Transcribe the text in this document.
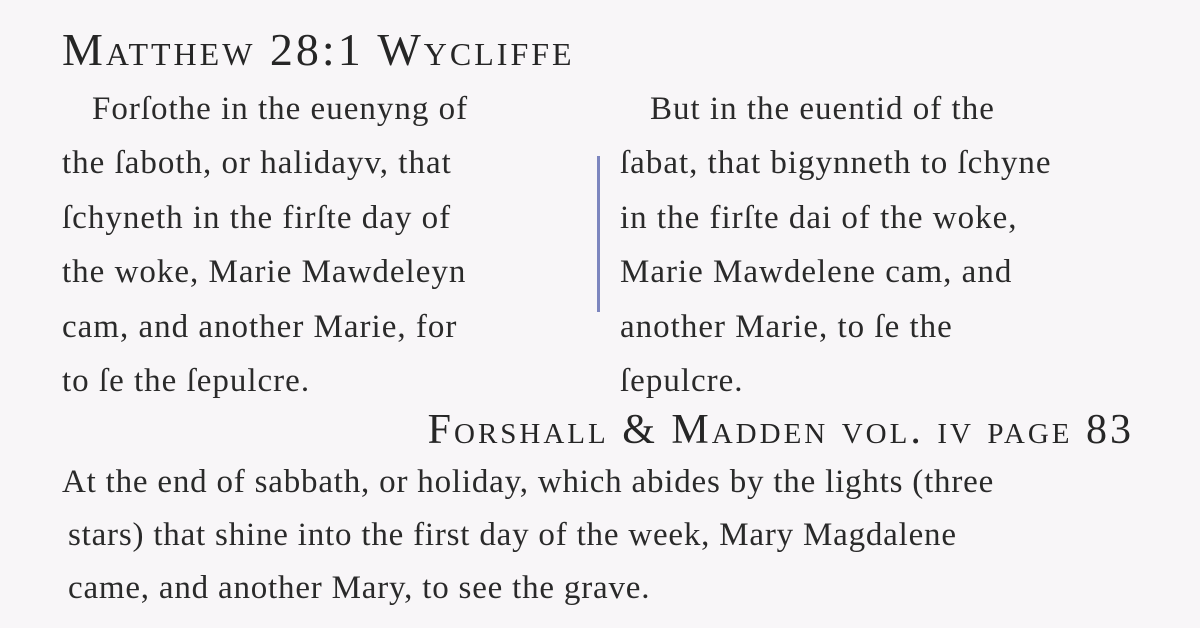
Matthew 28:1 Wycliffe
Forſothe in the euenyng of
the ſaboth, or halidayv, that
ſchyneth in the firſte day of
the woke, Marie Mawdeleyn
cam, and another Marie, for
to ſe the ſepulcre.
But in the euentid of the
ſabat, that bigynneth to ſchyne
in the firſte dai of the woke,
Marie Mawdelene cam, and
another Marie, to ſe the
ſepulcre.
Forshall & Madden vol. iv page 83
At the end of sabbath, or holiday, which abides by the lights (three
stars) that shine into the first day of the week, Mary Magdalene
came, and another Mary, to see the grave.
